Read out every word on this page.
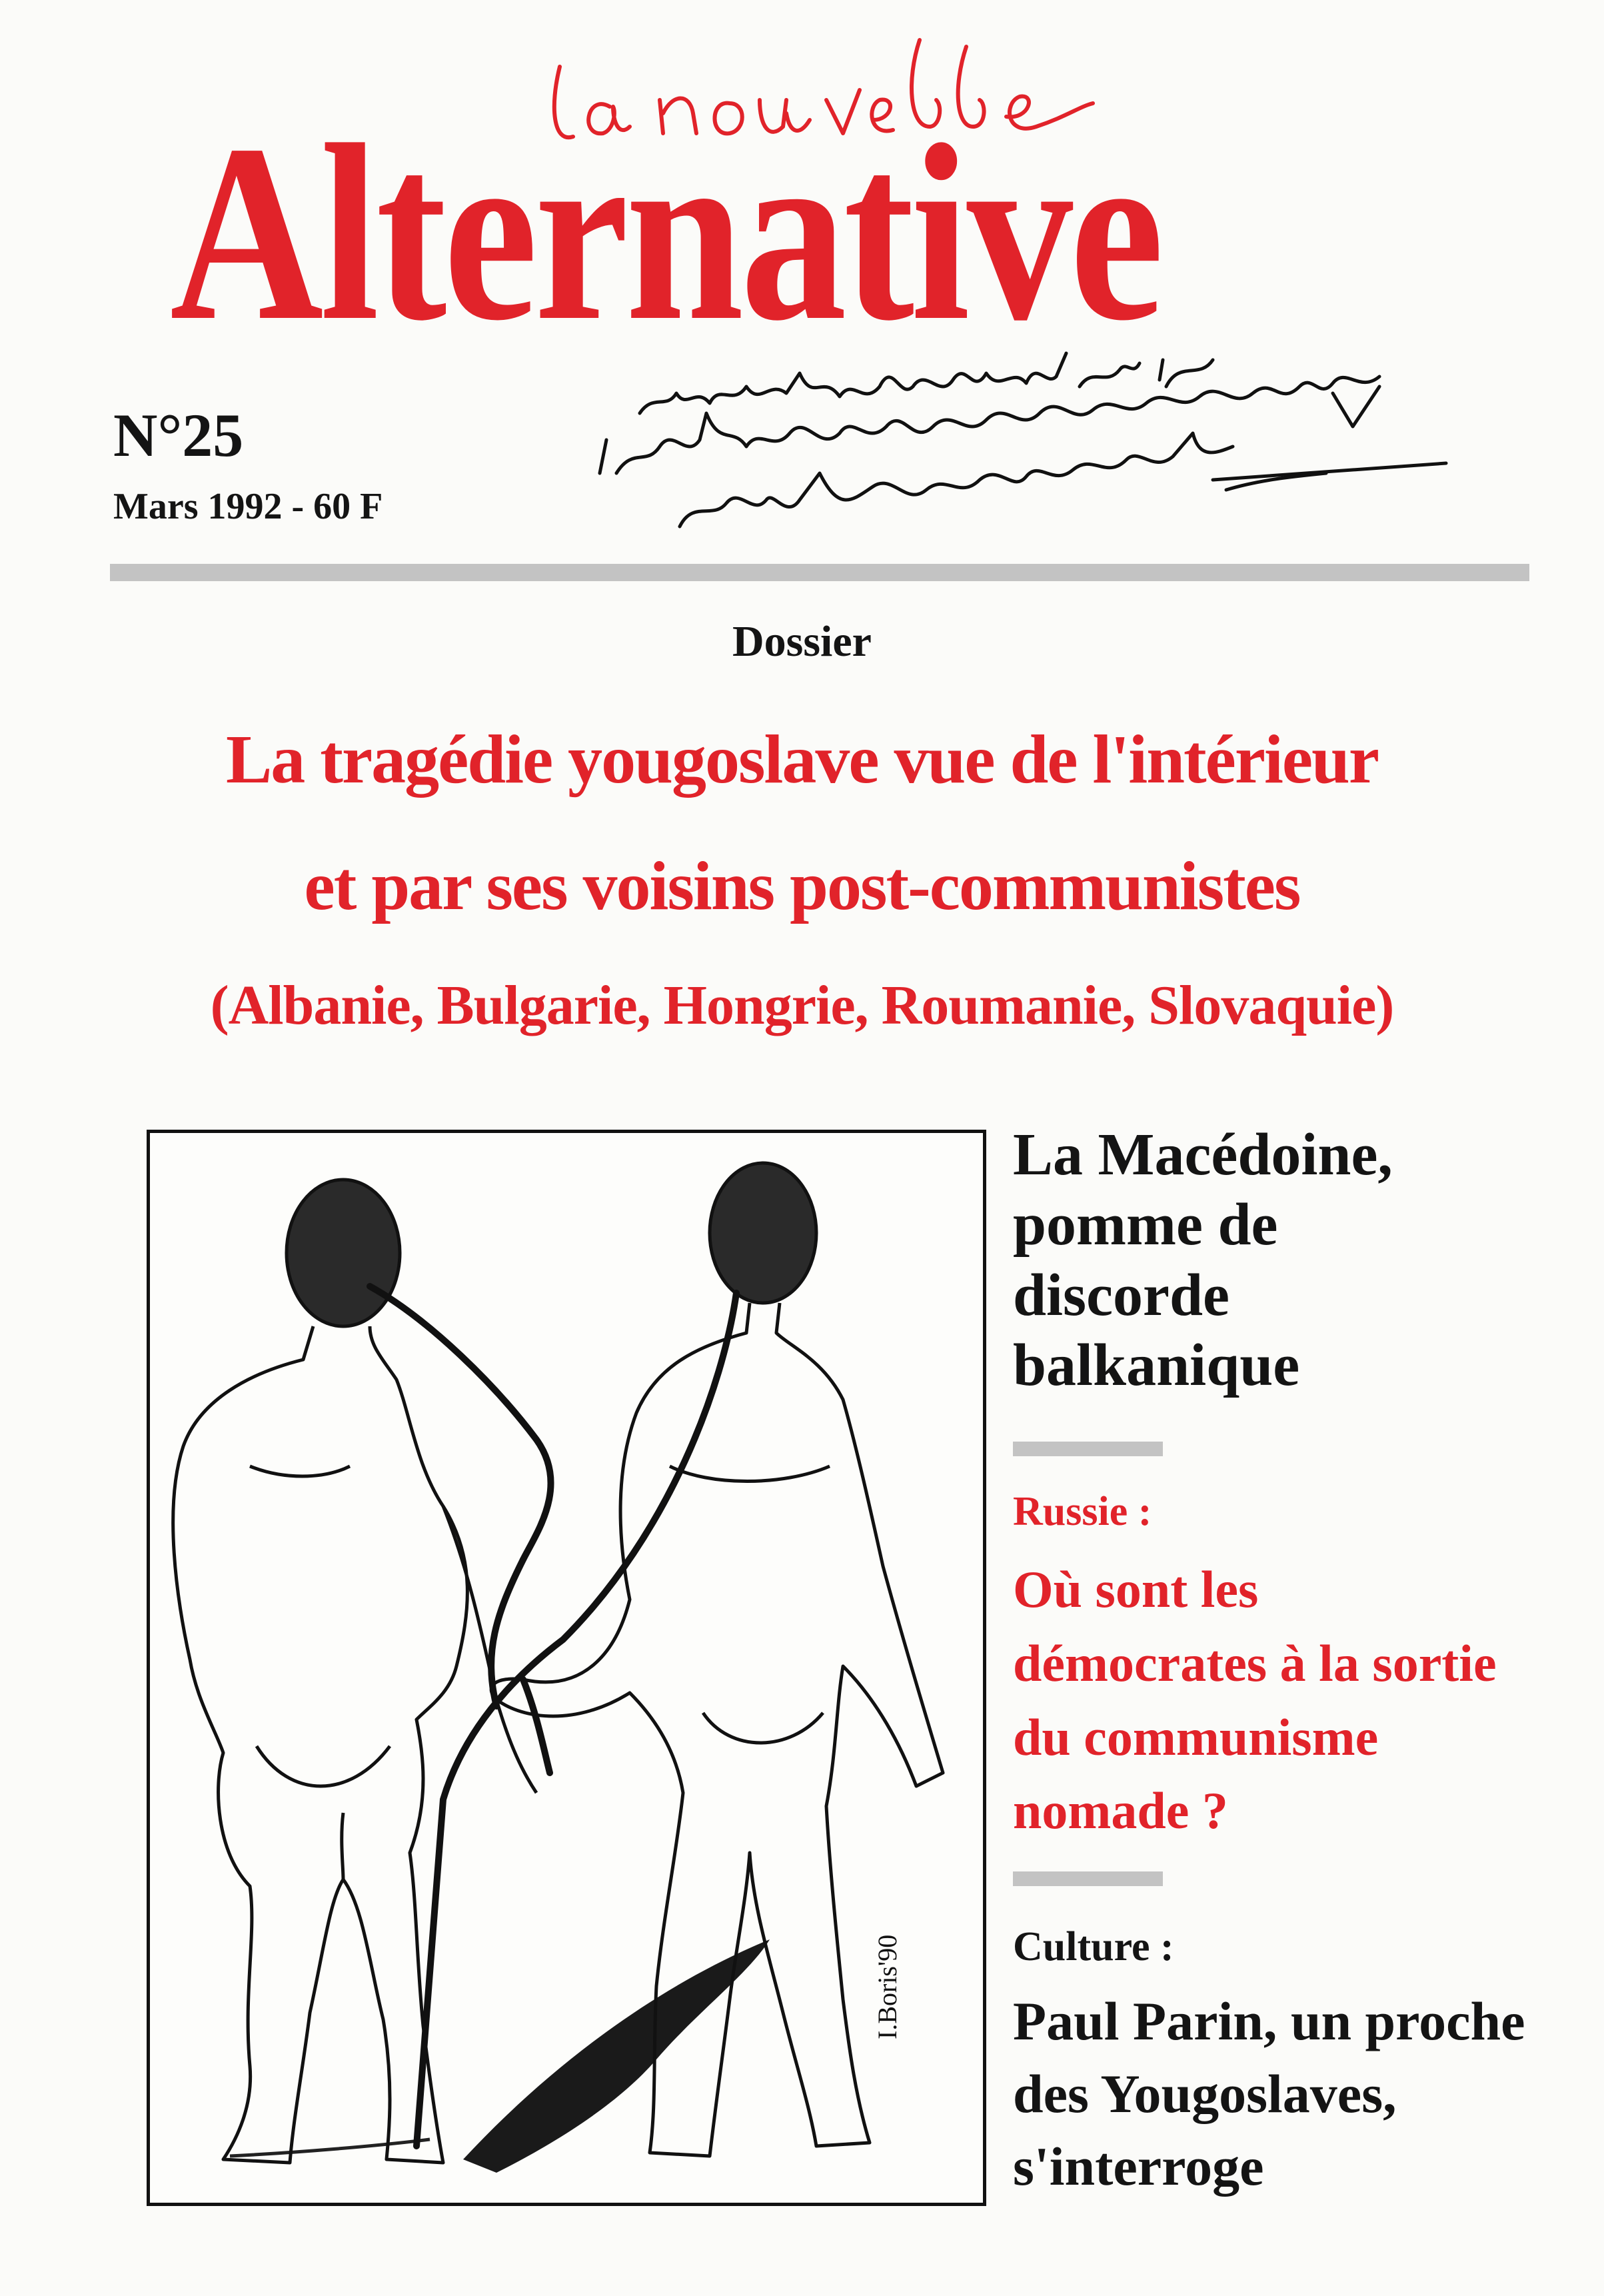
Alternative
N°25
Mars 1992 - 60 F
Dossier
La tragédie yougoslave vue de l'intérieur
et par ses voisins post-communistes
(Albanie, Bulgarie, Hongrie, Roumanie, Slovaquie)
I.Boris'90
La Macédoine,
pomme de
discorde
balkanique
Russie :
Où sont les
démocrates à la sortie
du communisme
nomade ?
Culture :
Paul Parin, un proche
des Yougoslaves,
s'interroge
